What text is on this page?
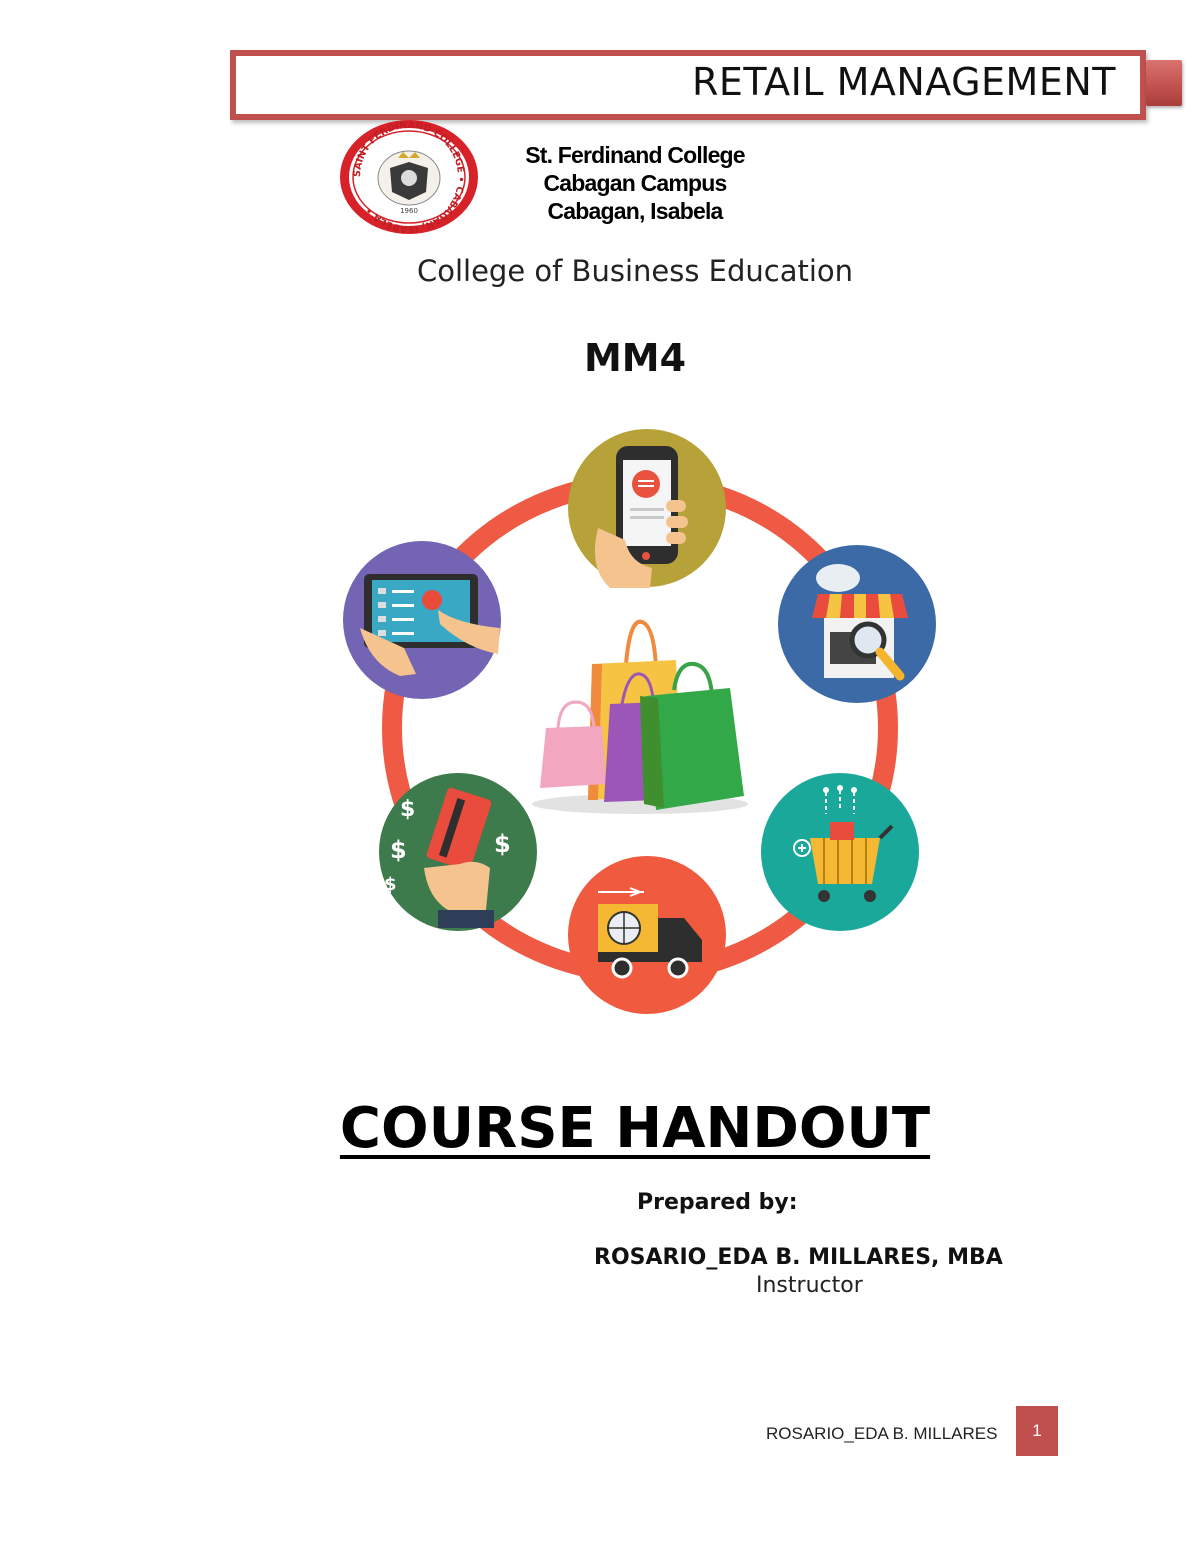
RETAIL MANAGEMENT
SAINT FERDINAND COLLEGE • CABAGAN, ISABELA •	1960
St. Ferdinand College
Cabagan Campus
Cabagan, Isabela
College of Business Education
MM4
$
$
$
$
COURSE HANDOUT
Prepared by:
ROSARIO_EDA B. MILLARES, MBA
Instructor
ROSARIO_EDA B. MILLARES	1
